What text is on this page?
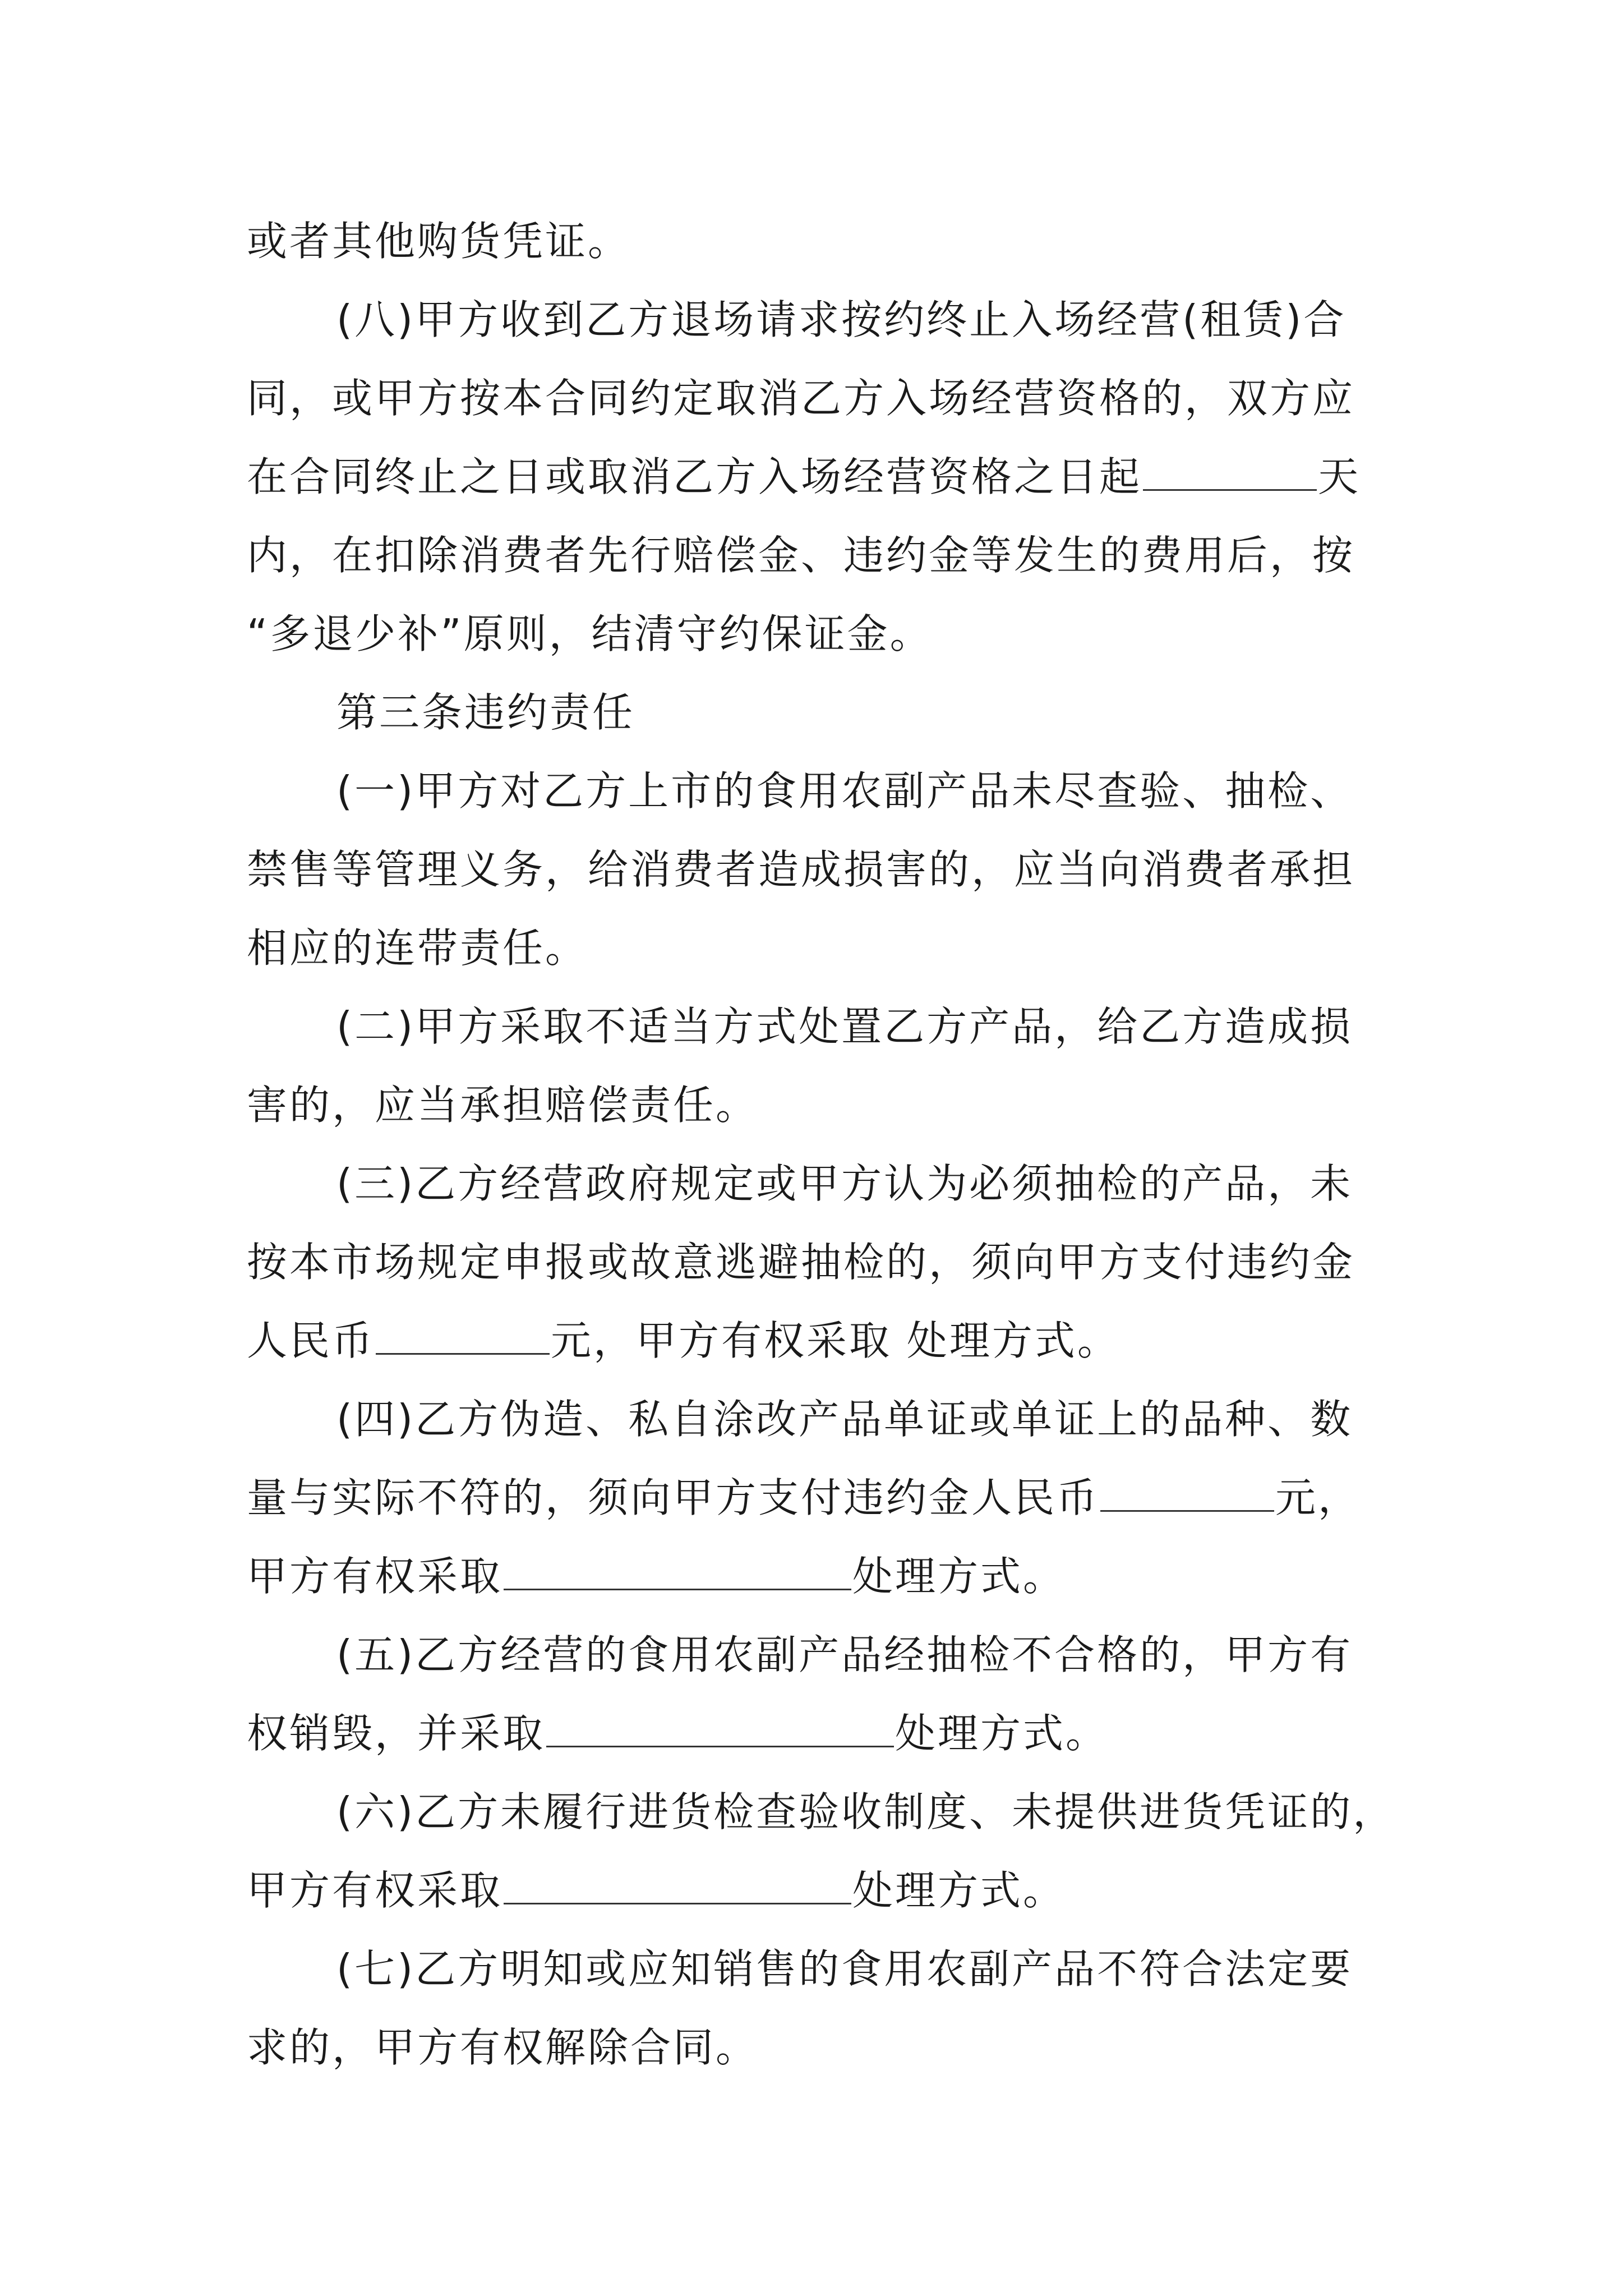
或者其他购货凭证。
(八)甲方收到乙方退场请求按约终止入场经营(租赁)合
同，或甲方按本合同约定取消乙方入场经营资格的，双方应
在合同终止之日或取消乙方入场经营资格之日起	天
内，在扣除消费者先行赔偿金、违约金等发生的费用后，按
“多退少补”原则，结清守约保证金。
第三条违约责任
(一)甲方对乙方上市的食用农副产品未尽查验、抽检、
禁售等管理义务，给消费者造成损害的，应当向消费者承担
相应的连带责任。
(二)甲方采取不适当方式处置乙方产品，给乙方造成损
害的，应当承担赔偿责任。
(三)乙方经营政府规定或甲方认为必须抽检的产品，未
按本市场规定申报或故意逃避抽检的，须向甲方支付违约金
人民币	元，甲方有权采取 处理方式。
(四)乙方伪造、私自涂改产品单证或单证上的品种、数
量与实际不符的，须向甲方支付违约金人民币	元，
甲方有权采取	处理方式。
(五)乙方经营的食用农副产品经抽检不合格的，甲方有
权销毁，并采取	处理方式。
(六)乙方未履行进货检查验收制度、未提供进货凭证的，
甲方有权采取	处理方式。
(七)乙方明知或应知销售的食用农副产品不符合法定要
求的，甲方有权解除合同。
